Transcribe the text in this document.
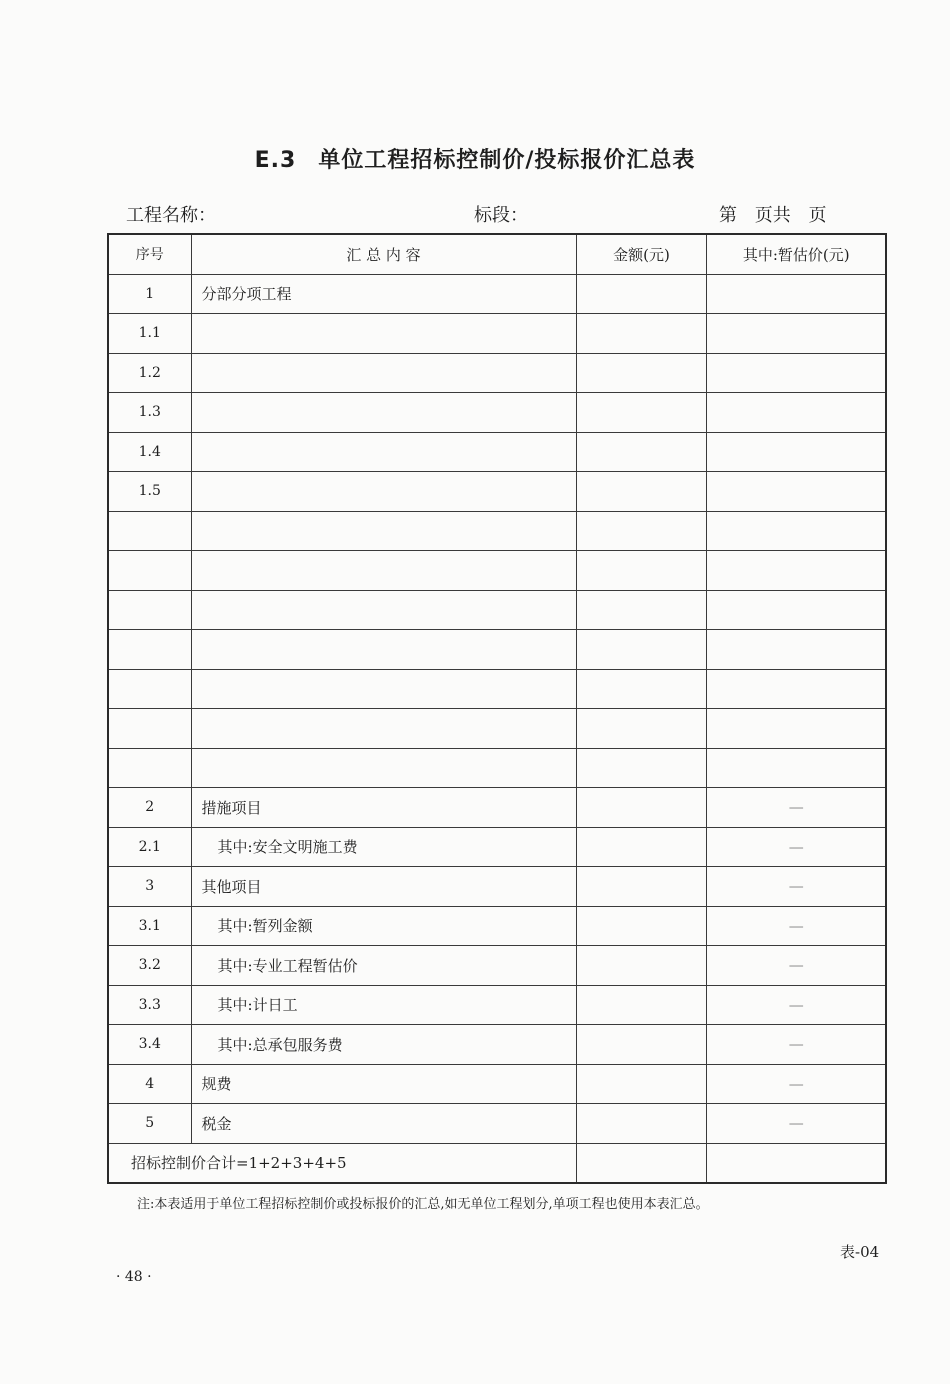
E.3 单位工程招标控制价/投标报价汇总表
工程名称：	标段：	第 页共 页
序号	汇 总 内 容	金额(元)	其中:暂估价(元)
1	分部分项工程		
1.1			
1.2			
1.3			
1.4			
1.5			

2	措施项目		—
2.1	其中:安全文明施工费		—
3	其他项目		—
3.1	其中:暂列金额		—
3.2	其中:专业工程暂估价		—
3.3	其中:计日工		—
3.4	其中:总承包服务费		—
4	规费		—
5	税金		—
招标控制价合计=1+2+3+4+5			
注:本表适用于单位工程招标控制价或投标报价的汇总,如无单位工程划分,单项工程也使用本表汇总。
表-04
· 48 ·
